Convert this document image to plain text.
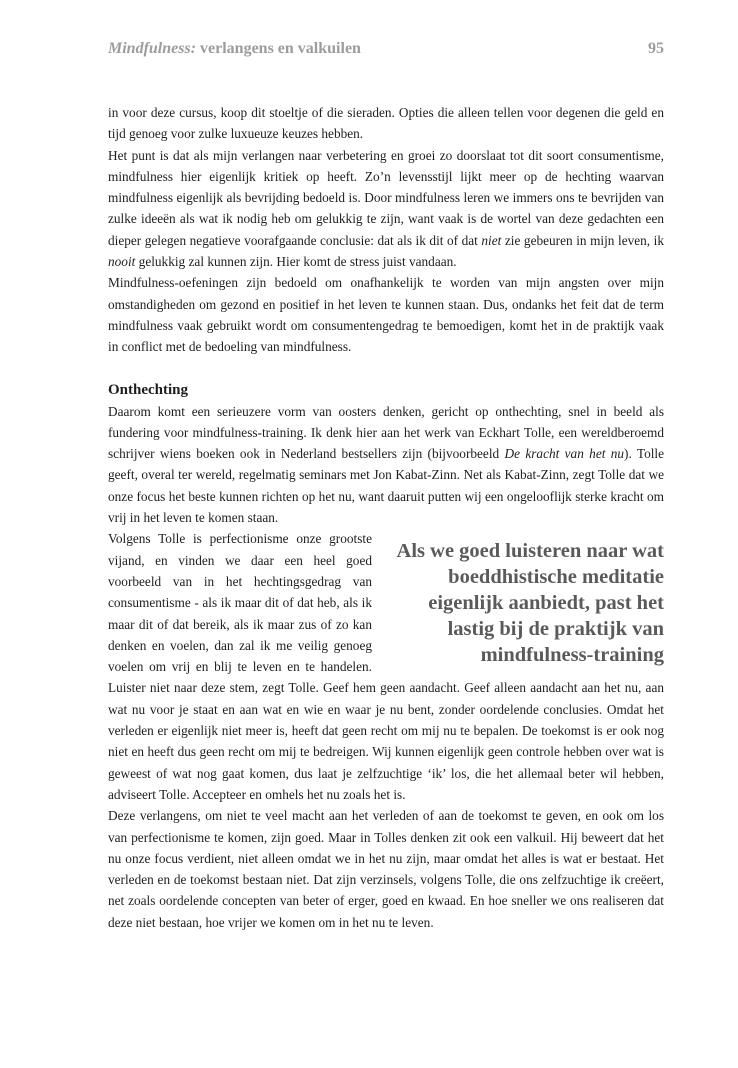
Mindfulness: verlangens en valkuilen	95

in voor deze cursus, koop dit stoeltje of die sieraden. Opties die alleen tellen voor degenen die geld en tijd genoeg voor zulke luxueuze keuzes hebben.

Het punt is dat als mijn verlangen naar verbetering en groei zo doorslaat tot dit soort consumentisme, mindfulness hier eigenlijk kritiek op heeft. Zo’n levensstijl lijkt meer op de hechting waarvan mindfulness eigenlijk als bevrijding bedoeld is. Door mindfulness leren we immers ons te bevrijden van zulke ideeën als wat ik nodig heb om gelukkig te zijn, want vaak is de wortel van deze gedachten een dieper gelegen negatieve voorafgaande conclusie: dat als ik dit of dat niet zie gebeuren in mijn leven, ik nooit gelukkig zal kunnen zijn. Hier komt de stress juist vandaan.

Mindfulness-oefeningen zijn bedoeld om onafhankelijk te worden van mijn angsten over mijn omstandigheden om gezond en positief in het leven te kunnen staan. Dus, ondanks het feit dat de term mindfulness vaak gebruikt wordt om consumentengedrag te bemoedigen, komt het in de praktijk vaak in conflict met de bedoeling van mindfulness.

Onthechting

Daarom komt een serieuzere vorm van oosters denken, gericht op onthechting, snel in beeld als fundering voor mindfulness-training. Ik denk hier aan het werk van Eckhart Tolle, een wereldberoemd schrijver wiens boeken ook in Nederland bestsellers zijn (bijvoorbeeld De kracht van het nu). Tolle geeft, overal ter wereld, regelmatig seminars met Jon Kabat-Zinn. Net als Kabat-Zinn, zegt Tolle dat we onze focus het beste kunnen richten op het nu, want daaruit putten wij een ongelooflijk sterke kracht om vrij in het leven te komen staan.

Als we goed luisteren naar wat boeddhistische meditatie eigenlijk aanbiedt, past het lastig bij de praktijk van mindfulness-training
Volgens Tolle is perfectionisme onze grootste vijand, en vinden we daar een heel goed voorbeeld van in het hechtingsgedrag van consumentisme - als ik maar dit of dat heb, als ik maar dit of dat bereik, als ik maar zus of zo kan denken en voelen, dan zal ik me veilig genoeg voelen om vrij en blij te leven en te handelen. Luister niet naar deze stem, zegt Tolle. Geef hem geen aandacht. Geef alleen aandacht aan het nu, aan wat nu voor je staat en aan wat en wie en waar je nu bent, zonder oordelende conclusies. Omdat het verleden er eigenlijk niet meer is, heeft dat geen recht om mij nu te bepalen. De toekomst is er ook nog niet en heeft dus geen recht om mij te bedreigen. Wij kunnen eigenlijk geen controle hebben over wat is geweest of wat nog gaat komen, dus laat je zelfzuchtige ‘ik’ los, die het allemaal beter wil hebben, adviseert Tolle. Accepteer en omhels het nu zoals het is.

Deze verlangens, om niet te veel macht aan het verleden of aan de toekomst te geven, en ook om los van perfectionisme te komen, zijn goed. Maar in Tolles denken zit ook een valkuil. Hij beweert dat het nu onze focus verdient, niet alleen omdat we in het nu zijn, maar omdat het alles is wat er bestaat. Het verleden en de toekomst bestaan niet. Dat zijn verzinsels, volgens Tolle, die ons zelfzuchtige ik creëert, net zoals oordelende concepten van beter of erger, goed en kwaad. En hoe sneller we ons realiseren dat deze niet bestaan, hoe vrijer we komen om in het nu te leven.
